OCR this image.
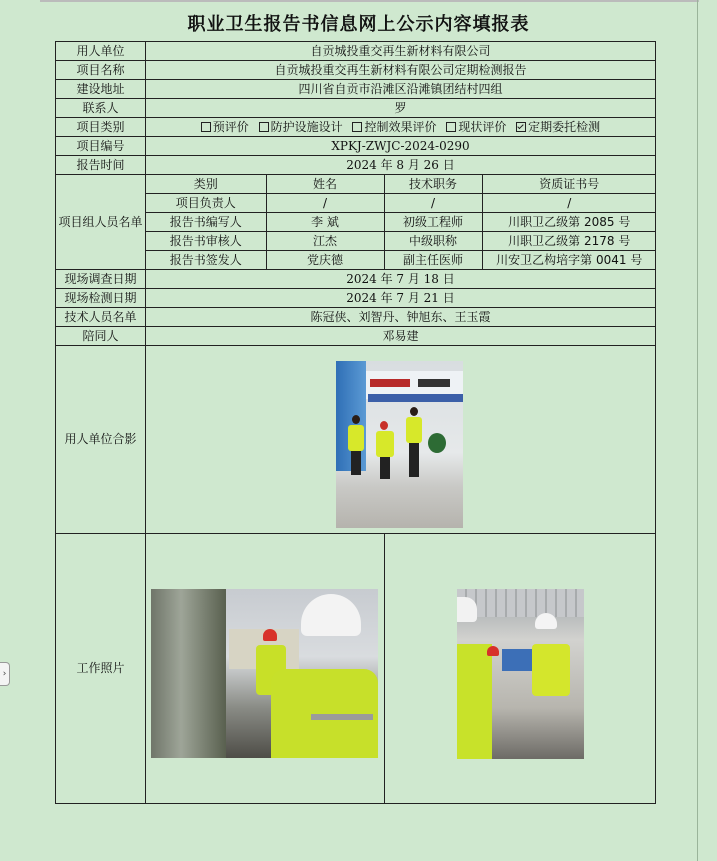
›
职业卫生报告书信息网上公示内容填报表
用人单位	自贡城投重交再生新材料有限公司
项目名称	自贡城投重交再生新材料有限公司定期检测报告
建设地址	四川省自贡市沿滩区沿滩镇团结村四组
联系人	罗
项目类别	预评价 防护设施设计 控制效果评价 现状评价 定期委托检测
项目编号	XPKJ-ZWJC-2024-0290
报告时间	2024 年 8 月 26 日
项目组人员名单	
类别	姓名	技术职务	资质证书号
项目负责人	/	/	/
报告书编写人	李 斌	初级工程师	川职卫乙级第 2085 号
报告书审核人	江杰	中级职称	川职卫乙级第 2178 号
报告书签发人	党庆德	副主任医师	川安卫乙构培字第 0041 号

现场调查日期	2024 年 7 月 18 日
现场检测日期	2024 年 7 月 21 日
技术人员名单	陈冠侠、刘智丹、钟旭东、王玉霞
陪同人	邓易建
用人单位合影	
工作照片	
